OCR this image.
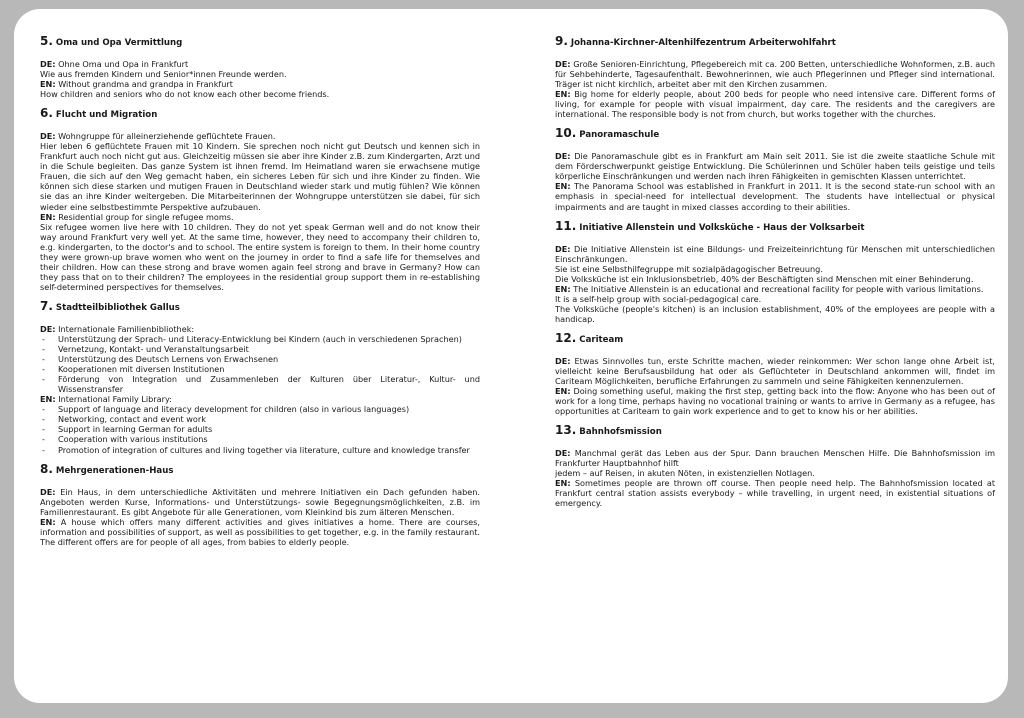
5. Oma und Opa Vermittlung
DE: Ohne Oma und Opa in Frankfurt
Wie aus fremden Kindern und Senior*innen Freunde werden.
EN: Without grandma and grandpa in Frankfurt
How children and seniors who do not know each other become friends.
6. Flucht und Migration
DE: Wohngruppe für alleinerziehende geflüchtete Frauen.
Hier leben 6 geflüchtete Frauen mit 10 Kindern. Sie sprechen noch nicht gut Deutsch und kennen sich in Frankfurt auch noch nicht gut aus. Gleichzeitig müssen sie aber ihre Kinder z.B. zum Kindergarten, Arzt und in die Schule begleiten. Das ganze System ist ihnen fremd. Im Heimatland waren sie erwachsene mutige Frauen, die sich auf den Weg gemacht haben, ein sicheres Leben für sich und ihre Kinder zu finden. Wie können sich diese starken und mutigen Frauen in Deutschland wieder stark und mutig fühlen? Wie können sie das an ihre Kinder weitergeben. Die Mitarbeiterinnen der Wohngruppe unterstützen sie dabei, für sich wieder eine selbstbestimmte Perspektive aufzubauen.
EN: Residential group for single refugee moms.
Six refugee women live here with 10 children. They do not yet speak German well and do not know their way around Frankfurt very well yet. At the same time, however, they need to accompany their children to, e.g. kindergarten, to the doctor's and to school. The entire system is foreign to them. In their home country they were grown-up brave women who went on the journey in order to find a safe life for themselves and their children. How can these strong and brave women again feel strong and brave in Germany? How can they pass that on to their children? The employees in the residential group support them in re-establishing self-determined perspectives for themselves.
7. Stadtteilbibliothek Gallus
DE: Internationale Familienbibliothek:
- Unterstützung der Sprach- und Literacy-Entwicklung bei Kindern (auch in verschiedenen Sprachen)
- Vernetzung, Kontakt- und Veranstaltungsarbeit
- Unterstützung des Deutsch Lernens von Erwachsenen
- Kooperationen mit diversen Institutionen
- Förderung von Integration und Zusammenleben der Kulturen über Literatur-, Kultur- und Wissenstransfer
EN: International Family Library:
- Support of language and literacy development for children (also in various languages)
- Networking, contact and event work
- Support in learning German for adults
- Cooperation with various institutions
- Promotion of integration of cultures and living together via literature, culture and knowledge transfer
8. Mehrgenerationen-Haus
DE: Ein Haus, in dem unterschiedliche Aktivitäten und mehrere Initiativen ein Dach gefunden haben. Angeboten werden Kurse, Informations- und Unterstützungs- sowie Begegnungsmöglichkeiten, z.B. im Familienrestaurant. Es gibt Angebote für alle Generationen, vom Kleinkind bis zum älteren Menschen.
EN: A house which offers many different activities and gives initiatives a home. There are courses, information and possibilities of support, as well as possibilities to get together, e.g. in the family restaurant. The different offers are for people of all ages, from babies to elderly people.
9. Johanna-Kirchner-Altenhilfezentrum Arbeiterwohlfahrt
DE: Große Senioren-Einrichtung, Pflegebereich mit ca. 200 Betten, unterschiedliche Wohnformen, z.B. auch für Sehbehinderte, Tagesaufenthalt. Bewohnerinnen, wie auch Pflegerinnen und Pfleger sind international. Träger ist nicht kirchlich, arbeitet aber mit den Kirchen zusammen.
EN: Big home for elderly people, about 200 beds for people who need intensive care. Different forms of living, for example for people with visual impairment, day care. The residents and the caregivers are international. The responsible body is not from church, but works together with the churches.
10. Panoramaschule
DE: Die Panoramaschule gibt es in Frankfurt am Main seit 2011. Sie ist die zweite staatliche Schule mit dem Förderschwerpunkt geistige Entwicklung. Die Schülerinnen und Schüler haben teils geistige und teils körperliche Einschränkungen und werden nach ihren Fähigkeiten in gemischten Klassen unterrichtet.
EN: The Panorama School was established in Frankfurt in 2011. It is the second state-run school with an emphasis in special-need for intellectual development. The students have intellectual or physical impairments and are taught in mixed classes according to their abilities.
11. Initiative Allenstein und Volksküche - Haus der Volksarbeit
DE: Die Initiative Allenstein ist eine Bildungs- und Freizeiteinrichtung für Menschen mit unterschiedlichen Einschränkungen.
Sie ist eine Selbsthilfegruppe mit sozialpädagogischer Betreuung.
Die Volksküche ist ein Inklusionsbetrieb, 40% der Beschäftigten sind Menschen mit einer Behinderung.
EN: The Initiative Allenstein is an educational and recreational facility for people with various limitations.
It is a self-help group with social-pedagogical care.
The Volksküche (people's kitchen) is an inclusion establishment, 40% of the employees are people with a handicap.
12. Cariteam
DE: Etwas Sinnvolles tun, erste Schritte machen, wieder reinkommen: Wer schon lange ohne Arbeit ist, vielleicht keine Berufsausbildung hat oder als Geflüchteter in Deutschland ankommen will, findet im Cariteam Möglichkeiten, berufliche Erfahrungen zu sammeln und seine Fähigkeiten kennenzulernen.
EN: Doing something useful, making the first step, getting back into the flow: Anyone who has been out of work for a long time, perhaps having no vocational training or wants to arrive in Germany as a refugee, has opportunities at Cariteam to gain work experience and to get to know his or her abilities.
13. Bahnhofsmission
DE: Manchmal gerät das Leben aus der Spur. Dann brauchen Menschen Hilfe. Die Bahnhofsmission im Frankfurter Hauptbahnhof hilft
jedem – auf Reisen, in akuten Nöten, in existenziellen Notlagen.
EN: Sometimes people are thrown off course. Then people need help. The Bahnhofsmission located at Frankfurt central station assists everybody – while travelling, in urgent need, in existential situations of emergency.
